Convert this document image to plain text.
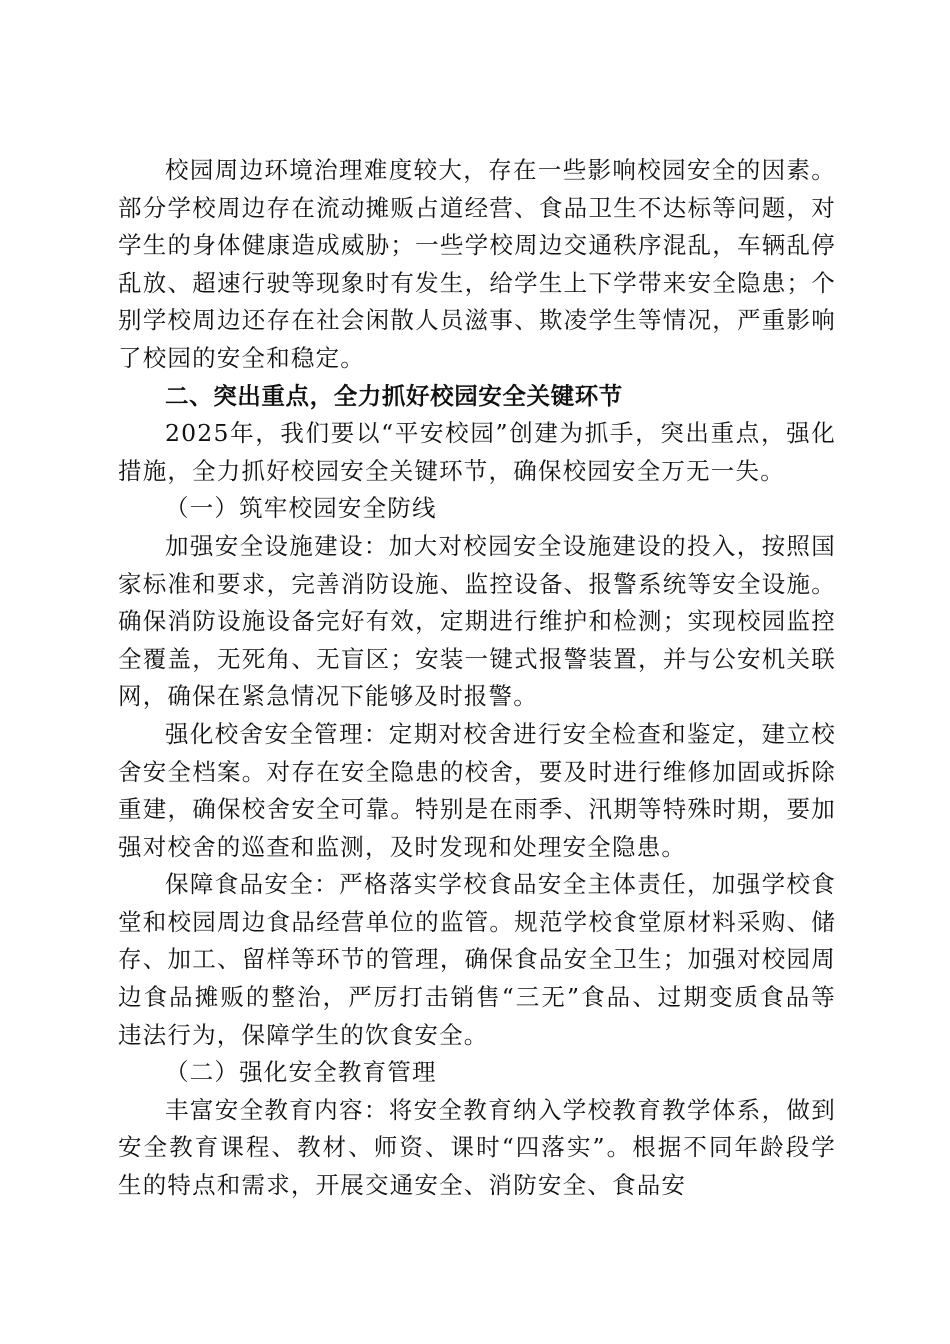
校园周边环境治理难度较大，存在一些影响校园安全的因素。部分学校周边存在流动摊贩占道经营、食品卫生不达标等问题，对学生的身体健康造成威胁；一些学校周边交通秩序混乱，车辆乱停乱放、超速行驶等现象时有发生，给学生上下学带来安全隐患；个别学校周边还存在社会闲散人员滋事、欺凌学生等情况，严重影响了校园的安全和稳定。

二、突出重点，全力抓好校园安全关键环节

2025年，我们要以“平安校园”创建为抓手，突出重点，强化措施，全力抓好校园安全关键环节，确保校园安全万无一失。

（一）筑牢校园安全防线

加强安全设施建设：加大对校园安全设施建设的投入，按照国家标准和要求，完善消防设施、监控设备、报警系统等安全设施。确保消防设施设备完好有效，定期进行维护和检测；实现校园监控全覆盖，无死角、无盲区；安装一键式报警装置，并与公安机关联网，确保在紧急情况下能够及时报警。

强化校舍安全管理：定期对校舍进行安全检查和鉴定，建立校舍安全档案。对存在安全隐患的校舍，要及时进行维修加固或拆除重建，确保校舍安全可靠。特别是在雨季、汛期等特殊时期，要加强对校舍的巡查和监测，及时发现和处理安全隐患。

保障食品安全：严格落实学校食品安全主体责任，加强学校食堂和校园周边食品经营单位的监管。规范学校食堂原材料采购、储存、加工、留样等环节的管理，确保食品安全卫生；加强对校园周边食品摊贩的整治，严厉打击销售“三无”食品、过期变质食品等违法行为，保障学生的饮食安全。

（二）强化安全教育管理

丰富安全教育内容：将安全教育纳入学校教育教学体系，做到安全教育课程、教材、师资、课时“四落实”。根据不同年龄段学生的特点和需求，开展交通安全、消防安全、食品安
